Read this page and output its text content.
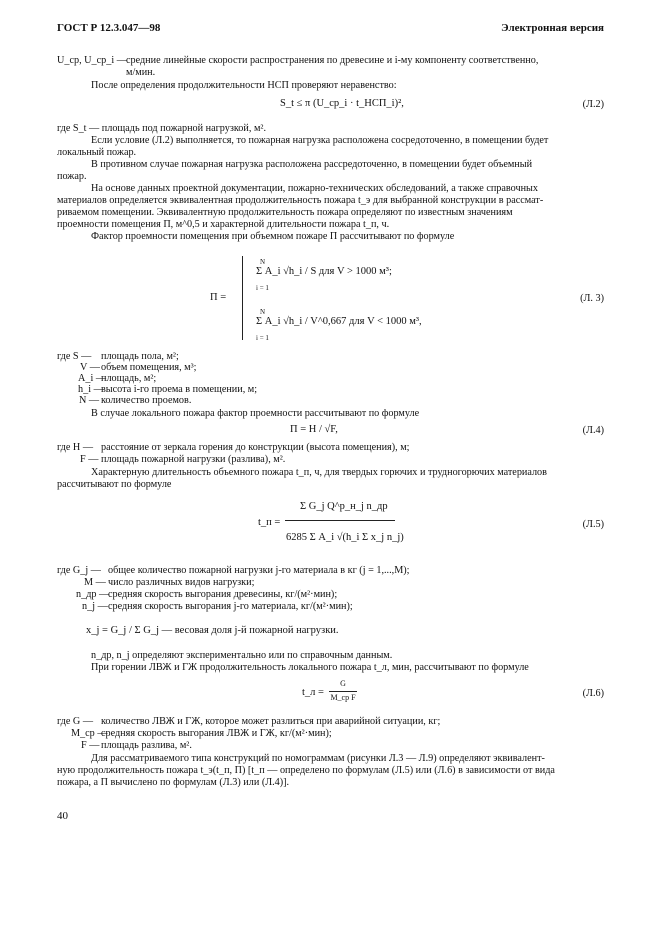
ГОСТ Р 12.3.047—98	Электронная версия
U_ср, U_ср_i — средние линейные скорости распространения по древесине и i-му компоненту соответственно,
м/мин.
После определения продолжительности НСП проверяют неравенство:
S_t ≤ π (U_ср_i · t_НСП_i)²,	(Л.2)
где S_t — площадь под пожарной нагрузкой, м².
Если условие (Л.2) выполняется, то пожарная нагрузка расположена сосредоточенно, в помещении будет
локальный пожар.
В противном случае пожарная нагрузка расположена рассредоточенно, в помещении будет объемный
пожар.
На основе данных проектной документации, пожарно-технических обследований, а также справочных
материалов определяется эквивалентная продолжительность пожара t_э для выбранной конструкции в рассмат-
риваемом помещении. Эквивалентную продолжительность пожара определяют по известным значениям
проемности помещения П, м^0,5 и характерной длительности пожара t_п, ч.
Фактор проемности помещения при объемном пожаре П рассчитывают по формуле
П =
N
Σ A_i √h_i / S для V > 1000 м³;
i = 1
N
Σ A_i √h_i / V^0,667 для V < 1000 м³,
i = 1
(Л. 3)
где S — площадь пола, м²;
V — объем помещения, м³;
A_i —
площадь, м²;
h_i —
высота i-го проема в помещении, м;
N — количество проемов.
В случае локального пожара фактор проемности рассчитывают по формуле
П = H / √F,	(Л.4)
где H — расстояние от зеркала горения до конструкции (высота помещения), м;
F — площадь пожарной нагрузки (разлива), м².
Характерную длительность объемного пожара t_п, ч, для твердых горючих и трудногорючих материалов
рассчитывают по формуле
t_п =
Σ G_j Q^р_н_j n_др
6285 Σ A_i √(h_i Σ x_j n_j)
(Л.5)
где G_j — общее количество пожарной нагрузки j-го материала в кг (j = 1,...,M);
M — число различных видов нагрузки;
n_др —
средняя скорость выгорания древесины, кг/(м²·мин);
n_j — средняя скорость выгорания j-го материала, кг/(м²·мин);
x_j = G_j / Σ G_j — весовая доля j-й пожарной нагрузки.
n_др, n_j определяют экспериментально или по справочным данным.
При горении ЛВЖ и ГЖ продолжительность локального пожара t_л, мин, рассчитывают по формуле
t_л =
G
M_ср F	(Л.6)
где G — количество ЛВЖ и ГЖ, которое может разлиться при аварийной ситуации, кг;
M_ср —
средняя скорость выгорания ЛВЖ и ГЖ, кг/(м²·мин);
F — площадь разлива, м².
Для рассматриваемого типа конструкций по номограммам (рисунки Л.3 — Л.9) определяют эквивалент-
ную продолжительность пожара t_э(t_п, П) [t_п — определено по формулам (Л.5) или (Л.6) в зависимости от вида
пожара, а П вычислено по формулам (Л.3) или (Л.4)].
40
